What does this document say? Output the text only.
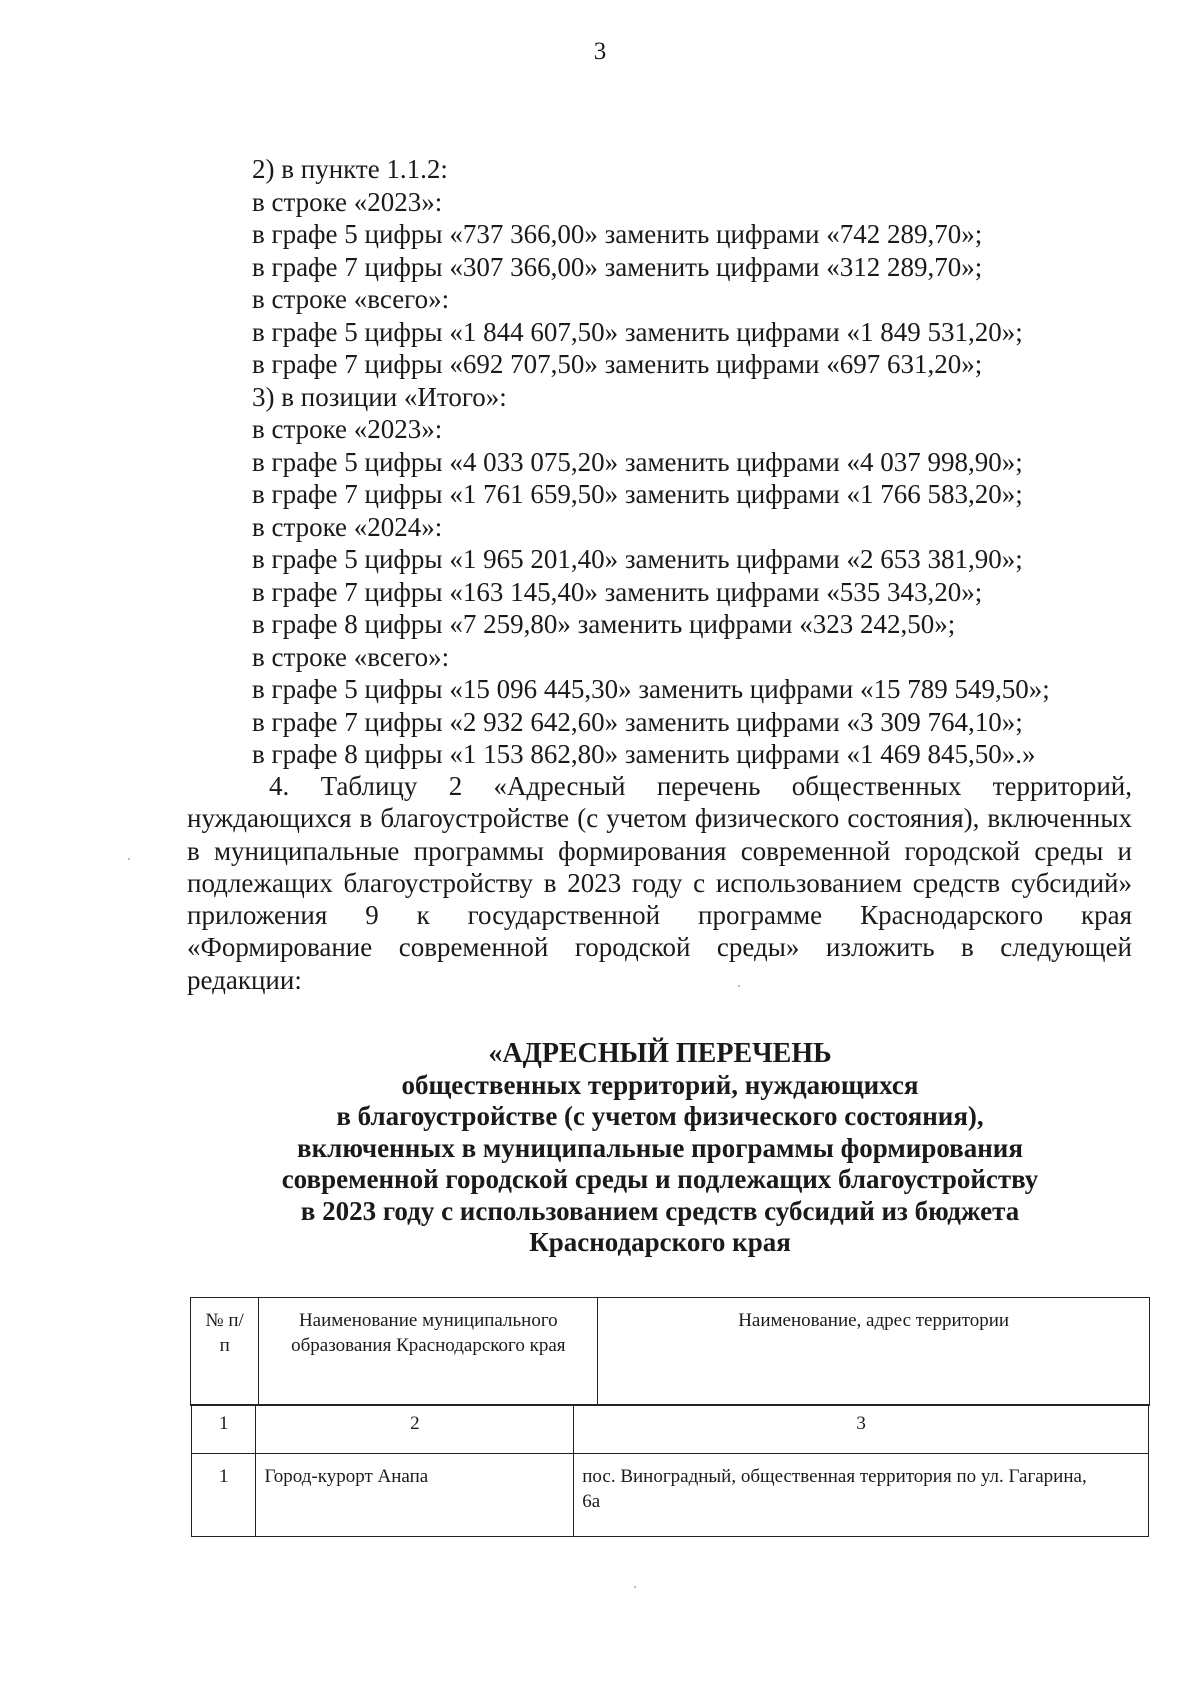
3
2) в пункте 1.1.2:
в строке «2023»:
в графе 5 цифры «737 366,00» заменить цифрами «742 289,70»;
в графе 7 цифры «307 366,00» заменить цифрами «312 289,70»;
в строке «всего»:
в графе 5 цифры «1 844 607,50» заменить цифрами «1 849 531,20»;
в графе 7 цифры «692 707,50» заменить цифрами «697 631,20»;
3) в позиции «Итого»:
в строке «2023»:
в графе 5 цифры «4 033 075,20» заменить цифрами «4 037 998,90»;
в графе 7 цифры «1 761 659,50» заменить цифрами «1 766 583,20»;
в строке «2024»:
в графе 5 цифры «1 965 201,40» заменить цифрами «2 653 381,90»;
в графе 7 цифры «163 145,40» заменить цифрами «535 343,20»;
в графе 8 цифры «7 259,80» заменить цифрами «323 242,50»;
в строке «всего»:
в графе 5 цифры «15 096 445,30» заменить цифрами «15 789 549,50»;
в графе 7 цифры «2 932 642,60» заменить цифрами «3 309 764,10»;
в графе 8 цифры «1 153 862,80» заменить цифрами «1 469 845,50».»
4. Таблицу 2 «Адресный перечень общественных территорий, нуждающихся в благоустройстве (с учетом физического состояния), включенных в муниципальные программы формирования современной городской среды и подлежащих благоустройству в 2023 году с использованием средств субсидий» приложения 9 к государственной программе Краснодарского края «Формирование современной городской среды» изложить в следующей редакции:
«АДРЕСНЫЙ ПЕРЕЧЕНЬ
общественных территорий, нуждающихся
в благоустройстве (с учетом физического состояния),
включенных в муниципальные программы формирования
современной городской среды и подлежащих благоустройству
в 2023 году с использованием средств субсидий из бюджета
Краснодарского края
№ п/п	Наименование муниципального образования Краснодарского края	Наименование, адрес территории
1	2	3
1	Город-курорт Анапа	пос. Виноградный, общественная территория по ул. Гагарина, 6а
